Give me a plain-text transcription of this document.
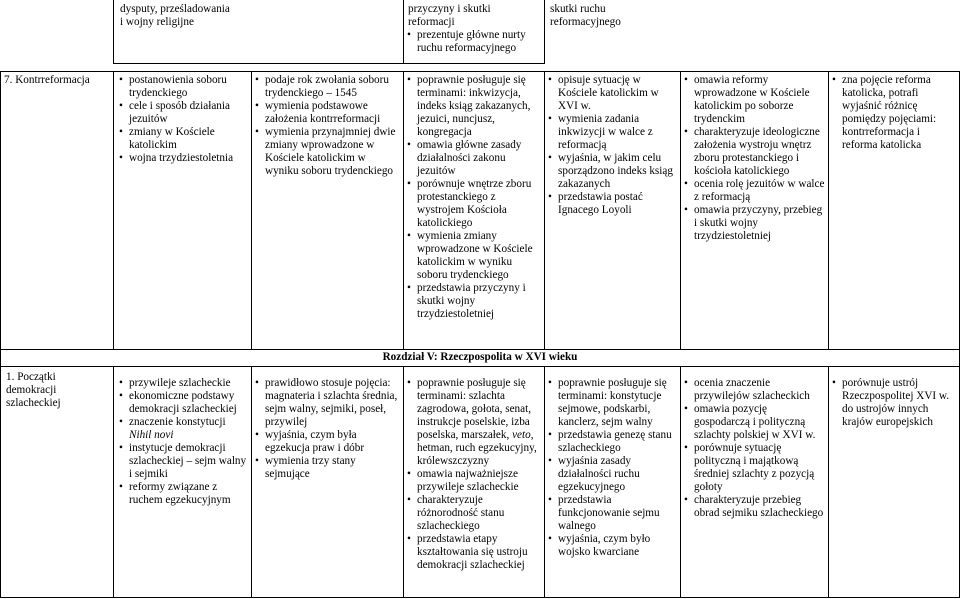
dysputy, prześladowania
i wojny religijne
przyczyny i skutki
reformacji
• prezentuje główne nurty ruchu reformacyjnego
skutki ruchu
reformacyjnego
7. Kontrreformacja
•	postanowienia soboru trydenckiego
• cele i sposób działania jezuitów
• zmiany w Kościele katolickim
• wojna trzydziestoletnia
• podaje rok zwołania soboru trydenckiego – 1545
• wymienia podstawowe założenia kontrreformacji
• wymienia przynajmniej dwie zmiany wprowadzone w Kościele katolickim w wyniku soboru trydenckiego
• poprawnie posługuje się terminami: inkwizycja, indeks ksiąg zakazanych, jezuici, nuncjusz, kongregacja
• omawia główne zasady działalności zakonu jezuitów
• porównuje wnętrze zboru protestanckiego z wystrojem Kościoła katolickiego
• wymienia zmiany wprowadzone w Kościele katolickim w wyniku soboru trydenckiego
• przedstawia przyczyny i skutki wojny trzydziestoletniej
• opisuje sytuację w Kościele katolickim w XVI w.
• wymienia zadania inkwizycji w walce z reformacją
• wyjaśnia, w jakim celu sporządzono indeks ksiąg zakazanych
• przedstawia postać Ignacego Loyoli
• omawia reformy wprowadzone w Kościele katolickim po soborze trydenckim
• charakteryzuje ideologiczne założenia wystroju wnętrz zboru protestanckiego i kościoła katolickiego
• ocenia rolę jezuitów w walce z reformacją
• omawia przyczyny, przebieg i skutki wojny trzydziestoletniej
• zna pojęcie reforma katolicka, potrafi wyjaśnić różnicę pomiędzy pojęciami: kontrreformacja i reforma katolicka
Rozdział V: Rzeczpospolita w XVI wieku
1. Początki demokracji szlacheckiej
• przywileje szlacheckie
• ekonomiczne podstawy demokracji szlacheckiej
• znaczenie konstytucji Nihil novi
• instytucje demokracji szlacheckiej – sejm walny i sejmiki
• reformy związane z ruchem egzekucyjnym
• prawidłowo stosuje pojęcia: magnateria i szlachta średnia, sejm walny, sejmiki, poseł, przywilej
• wyjaśnia, czym była egzekucja praw i dóbr
• wymienia trzy stany sejmujące
• poprawnie posługuje się terminami: szlachta zagrodowa, gołota, senat, instrukcje poselskie, izba poselska, marszałek, veto, hetman, ruch egzekucyjny, królewszczyzny
• omawia najważniejsze przywileje szlacheckie
• charakteryzuje różnorodność stanu szlacheckiego
• przedstawia etapy kształtowania się ustroju demokracji szlacheckiej
• poprawnie posługuje się terminami: konstytucje sejmowe, podskarbi, kanclerz, sejm walny
• przedstawia genezę stanu szlacheckiego
• wyjaśnia zasady działalności ruchu egzekucyjnego
• przedstawia funkcjonowanie sejmu walnego
• wyjaśnia, czym było wojsko kwarciane
• ocenia znaczenie przywilejów szlacheckich
• omawia pozycję gospodarczą i polityczną szlachty polskiej w XVI w.
• porównuje sytuację polityczną i majątkową średniej szlachty z pozycją gołoty
• charakteryzuje przebieg obrad sejmiku szlacheckiego
• porównuje ustrój Rzeczpospolitej XVI w. do ustrojów innych krajów europejskich
